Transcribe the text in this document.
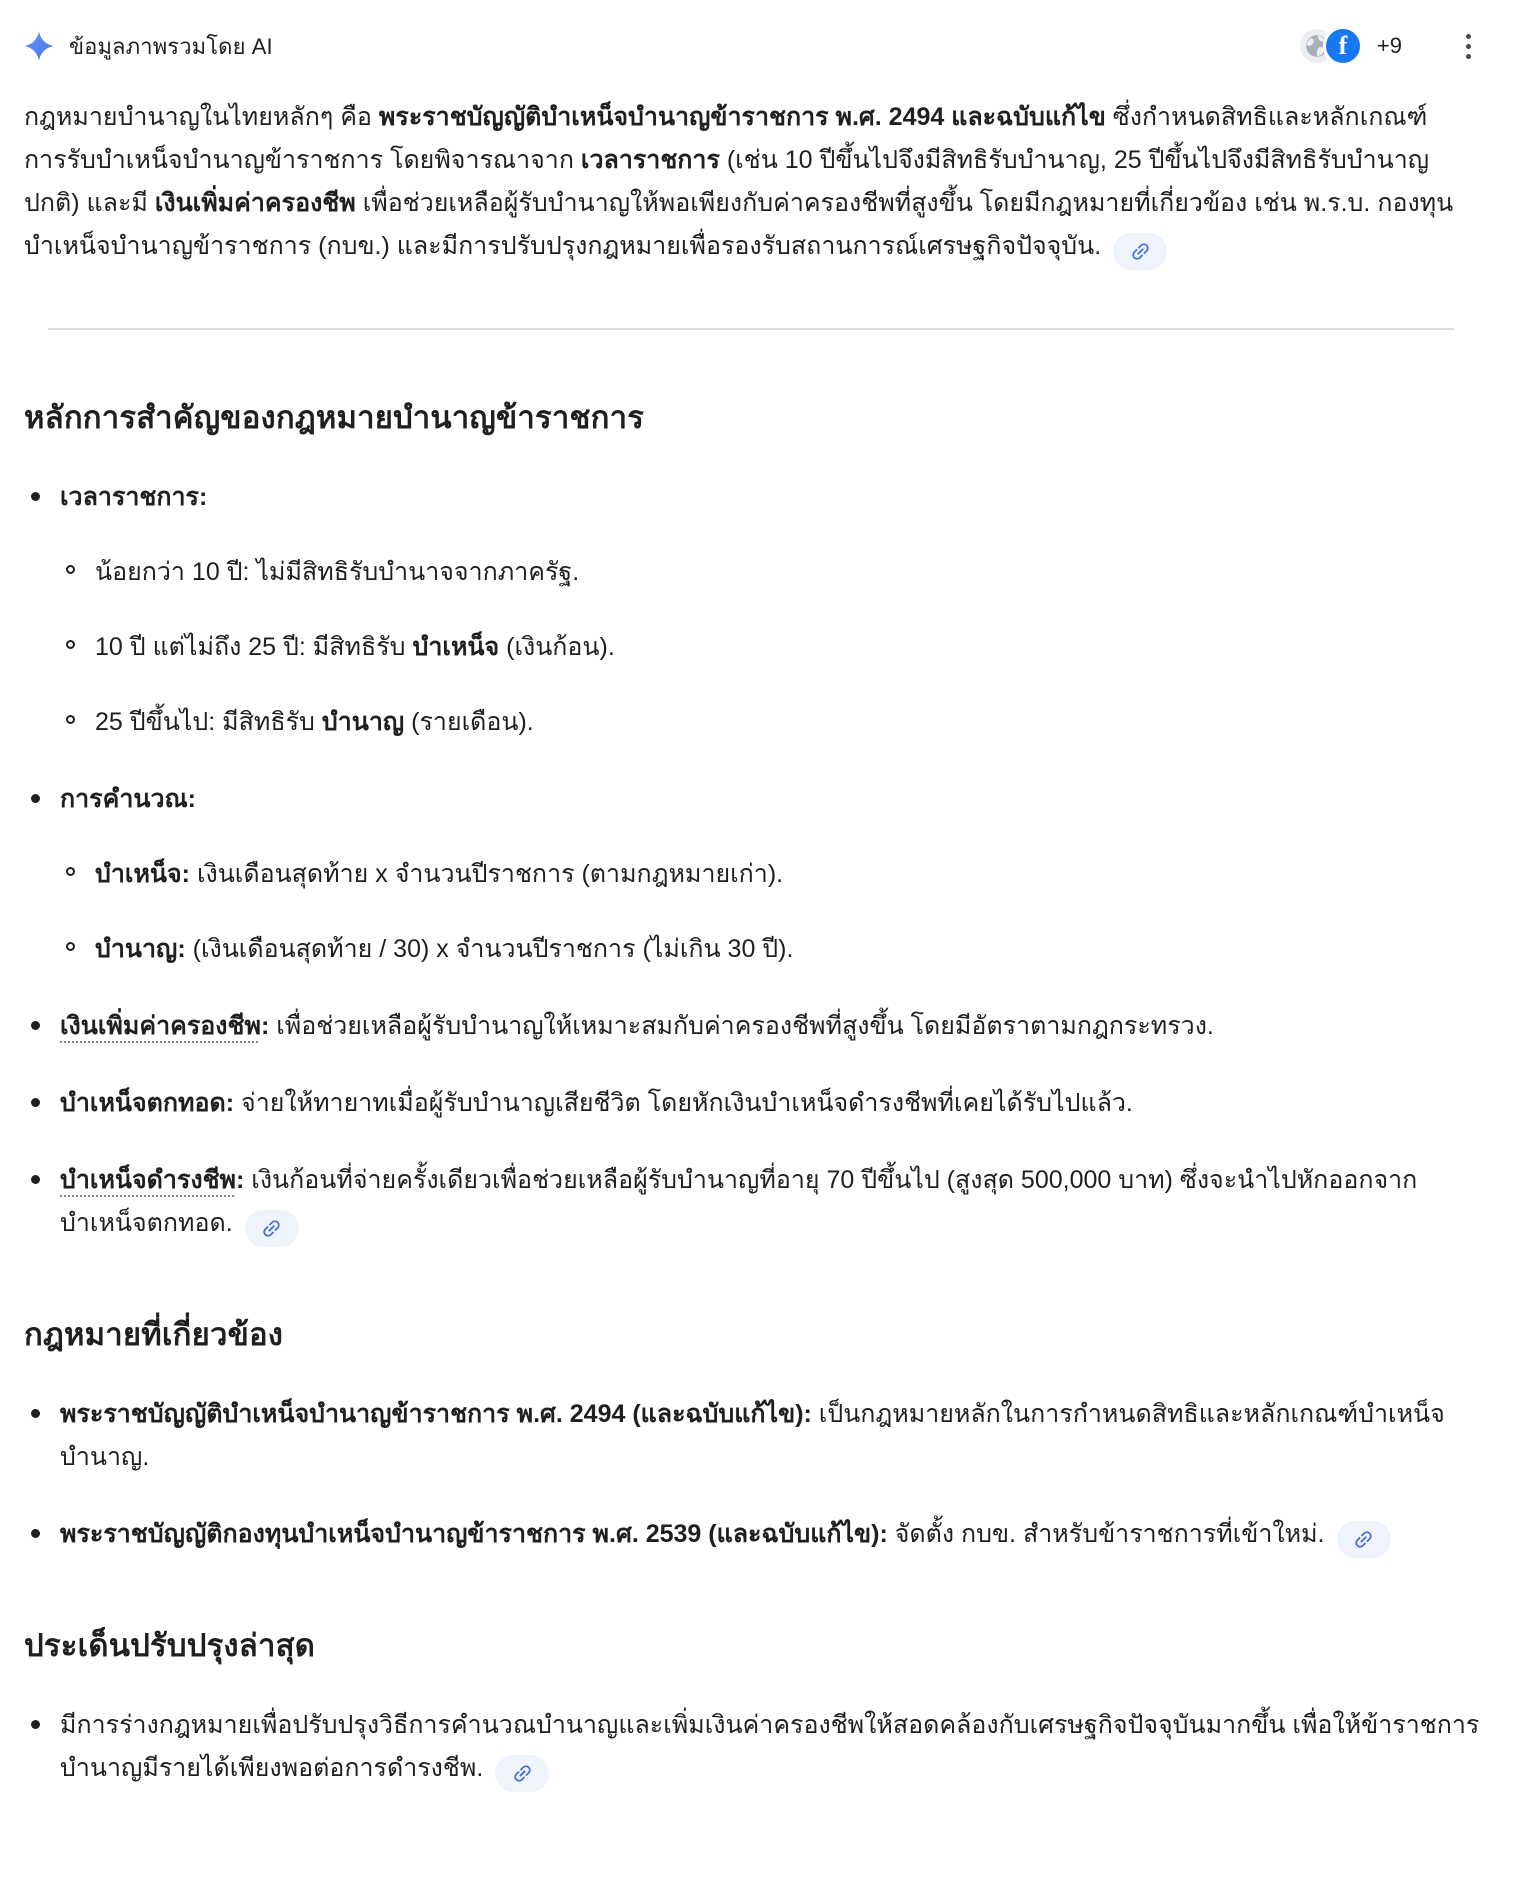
ข้อมูลภาพรวมโดย AI	f	+9

กฎหมายบำนาญในไทยหลักๆ คือ พระราชบัญญัติบำเหน็จบำนาญข้าราชการ พ.ศ. 2494 และฉบับแก้ไข ซึ่งกำหนดสิทธิและหลักเกณฑ์การรับบำเหน็จบำนาญข้าราชการ โดยพิจารณาจาก เวลาราชการ (เช่น 10 ปีขึ้นไปจึงมีสิทธิรับบำนาญ, 25 ปีขึ้นไปจึงมีสิทธิรับบำนาญปกติ) และมี เงินเพิ่มค่าครองชีพ เพื่อช่วยเหลือผู้รับบำนาญให้พอเพียงกับค่าครองชีพที่สูงขึ้น โดยมีกฎหมายที่เกี่ยวข้อง เช่น พ.ร.บ. กองทุนบำเหน็จบำนาญข้าราชการ (กบข.) และมีการปรับปรุงกฎหมายเพื่อรองรับสถานการณ์เศรษฐกิจปัจจุบัน.

หลักการสำคัญของกฎหมายบำนาญข้าราชการ
เวลาราชการ:
น้อยกว่า 10 ปี: ไม่มีสิทธิรับบำนาจจากภาครัฐ.
10 ปี แต่ไม่ถึง 25 ปี: มีสิทธิรับ บำเหน็จ (เงินก้อน).
25 ปีขึ้นไป: มีสิทธิรับ บำนาญ (รายเดือน).
การคำนวณ:
บำเหน็จ: เงินเดือนสุดท้าย x จำนวนปีราชการ (ตามกฎหมายเก่า).
บำนาญ: (เงินเดือนสุดท้าย / 30) x จำนวนปีราชการ (ไม่เกิน 30 ปี).
เงินเพิ่มค่าครองชีพ: เพื่อช่วยเหลือผู้รับบำนาญให้เหมาะสมกับค่าครองชีพที่สูงขึ้น โดยมีอัตราตามกฎกระทรวง.
บำเหน็จตกทอด: จ่ายให้ทายาทเมื่อผู้รับบำนาญเสียชีวิต โดยหักเงินบำเหน็จดำรงชีพที่เคยได้รับไปแล้ว.
บำเหน็จดำรงชีพ: เงินก้อนที่จ่ายครั้งเดียวเพื่อช่วยเหลือผู้รับบำนาญที่อายุ 70 ปีขึ้นไป (สูงสุด 500,000 บาท) ซึ่งจะนำไปหักออกจากบำเหน็จตกทอด.
กฎหมายที่เกี่ยวข้อง
พระราชบัญญัติบำเหน็จบำนาญข้าราชการ พ.ศ. 2494 (และฉบับแก้ไข): เป็นกฎหมายหลักในการกำหนดสิทธิและหลักเกณฑ์บำเหน็จบำนาญ.
พระราชบัญญัติกองทุนบำเหน็จบำนาญข้าราชการ พ.ศ. 2539 (และฉบับแก้ไข): จัดตั้ง กบข. สำหรับข้าราชการที่เข้าใหม่.
ประเด็นปรับปรุงล่าสุด
มีการร่างกฎหมายเพื่อปรับปรุงวิธีการคำนวณบำนาญและเพิ่มเงินค่าครองชีพให้สอดคล้องกับเศรษฐกิจปัจจุบันมากขึ้น เพื่อให้ข้าราชการบำนาญมีรายได้เพียงพอต่อการดำรงชีพ.
